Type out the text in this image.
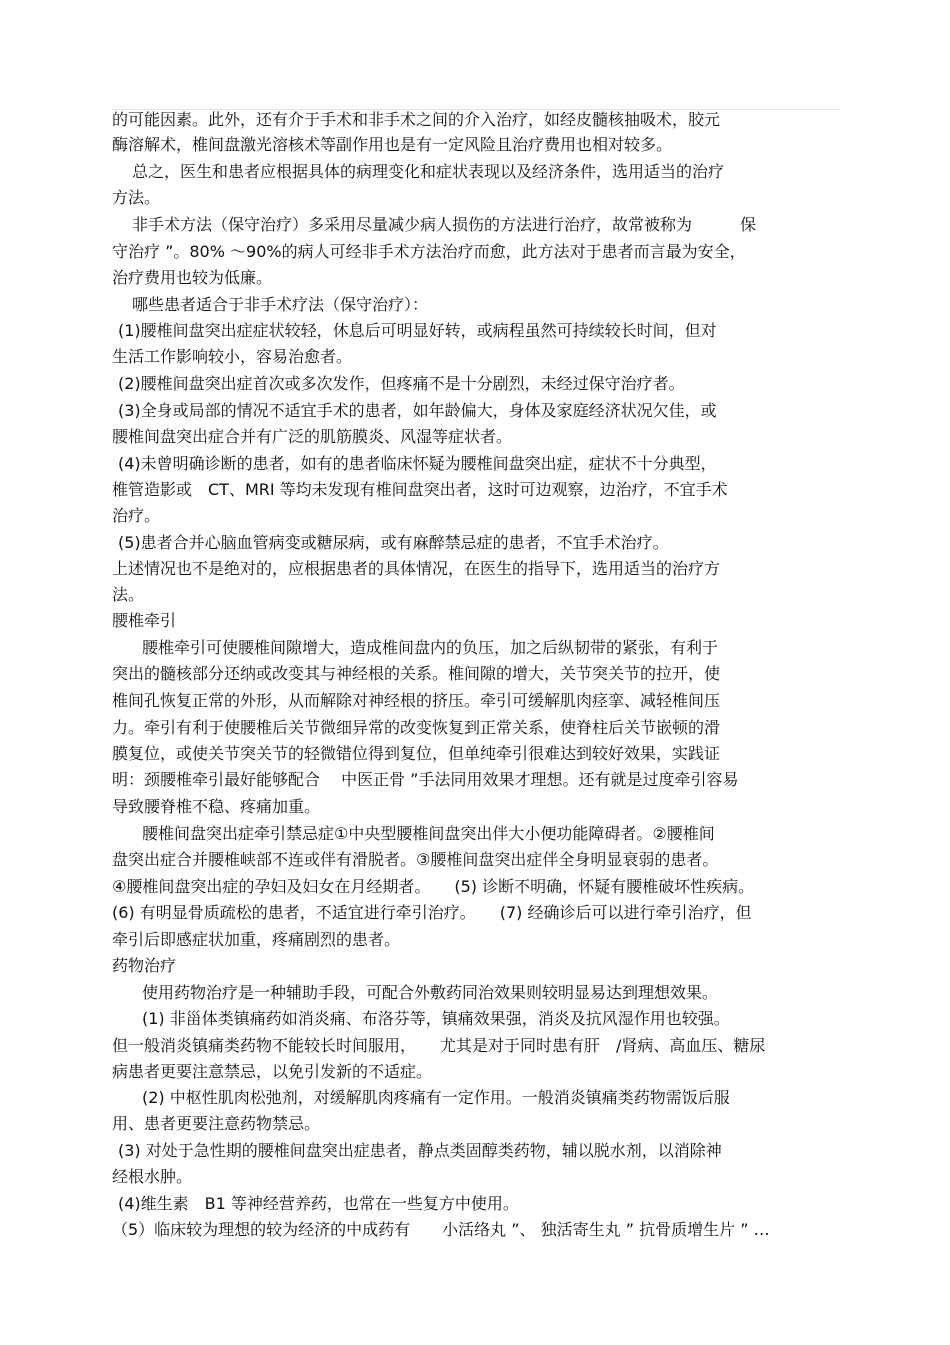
的可能因素。此外，还有介于手术和非手术之间的介入治疗，如经皮髓核抽吸术，胶元

酶溶解术，椎间盘激光溶核术等副作用也是有一定风险且治疗费用也相对较多。

总之，医生和患者应根据具体的病理变化和症状表现以及经济条件，选用适当的治疗

方法。

非手术方法（保守治疗）多采用尽量减少病人损伤的方法进行治疗，故常被称为　　　保

守治疗 ”。80% ～90%的病人可经非手术方法治疗而愈，此方法对于患者而言最为安全，

治疗费用也较为低廉。

哪些患者适合于非手术疗法（保守治疗）：

(1)腰椎间盘突出症症状较轻，休息后可明显好转，或病程虽然可持续较长时间，但对

生活工作影响较小，容易治愈者。

(2)腰椎间盘突出症首次或多次发作，但疼痛不是十分剧烈，未经过保守治疗者。

(3)全身或局部的情况不适宜手术的患者，如年龄偏大，身体及家庭经济状况欠佳，或

腰椎间盘突出症合并有广泛的肌筋膜炎、风湿等症状者。

(4)未曾明确诊断的患者，如有的患者临床怀疑为腰椎间盘突出症，症状不十分典型，

椎管造影或　CT、MRI 等均未发现有椎间盘突出者，这时可边观察，边治疗，不宜手术

治疗。

(5)患者合并心脑血管病变或糖尿病，或有麻醉禁忌症的患者，不宜手术治疗。

上述情况也不是绝对的，应根据患者的具体情况，在医生的指导下，选用适当的治疗方

法。

腰椎牵引

腰椎牵引可使腰椎间隙增大，造成椎间盘内的负压，加之后纵韧带的紧张，有利于

突出的髓核部分还纳或改变其与神经根的关系。椎间隙的增大，关节突关节的拉开，使

椎间孔恢复正常的外形，从而解除对神经根的挤压。牵引可缓解肌肉痉挛、减轻椎间压

力。牵引有利于使腰椎后关节微细异常的改变恢复到正常关系，使脊柱后关节嵌顿的滑

膜复位，或使关节突关节的轻微错位得到复位，但单纯牵引很难达到较好效果，实践证

明：颈腰椎牵引最好能够配合　 中医正骨 ”手法同用效果才理想。还有就是过度牵引容易

导致腰脊椎不稳、疼痛加重。

腰椎间盘突出症牵引禁忌症①中央型腰椎间盘突出伴大小便功能障碍者。②腰椎间

盘突出症合并腰椎峡部不连或伴有滑脱者。③腰椎间盘突出症伴全身明显衰弱的患者。

④腰椎间盘突出症的孕妇及妇女在月经期者。　　(5) 诊断不明确，怀疑有腰椎破坏性疾病。

(6) 有明显骨质疏松的患者，不适宜进行牵引治疗。　　(7) 经确诊后可以进行牵引治疗，但

牵引后即感症状加重，疼痛剧烈的患者。

药物治疗

使用药物治疗是一种辅助手段，可配合外敷药同治效果则较明显易达到理想效果。

(1) 非甾体类镇痛药如消炎痛、布洛芬等，镇痛效果强，消炎及抗风湿作用也较强。

但一般消炎镇痛类药物不能较长时间服用，　　尤其是对于同时患有肝　/肾病、高血压、糖尿

病患者更要注意禁忌，以免引发新的不适症。

(2) 中枢性肌肉松弛剂，对缓解肌肉疼痛有一定作用。一般消炎镇痛类药物需饭后服

用、患者更要注意药物禁忌。

(3) 对处于急性期的腰椎间盘突出症患者，静点类固醇类药物，辅以脱水剂，以消除神

经根水肿。

(4)维生素　B1 等神经营养药，也常在一些复方中使用。

（5）临床较为理想的较为经济的中成药有　　小活络丸 ”、 独活寄生丸 ” 抗骨质增生片 ” …
